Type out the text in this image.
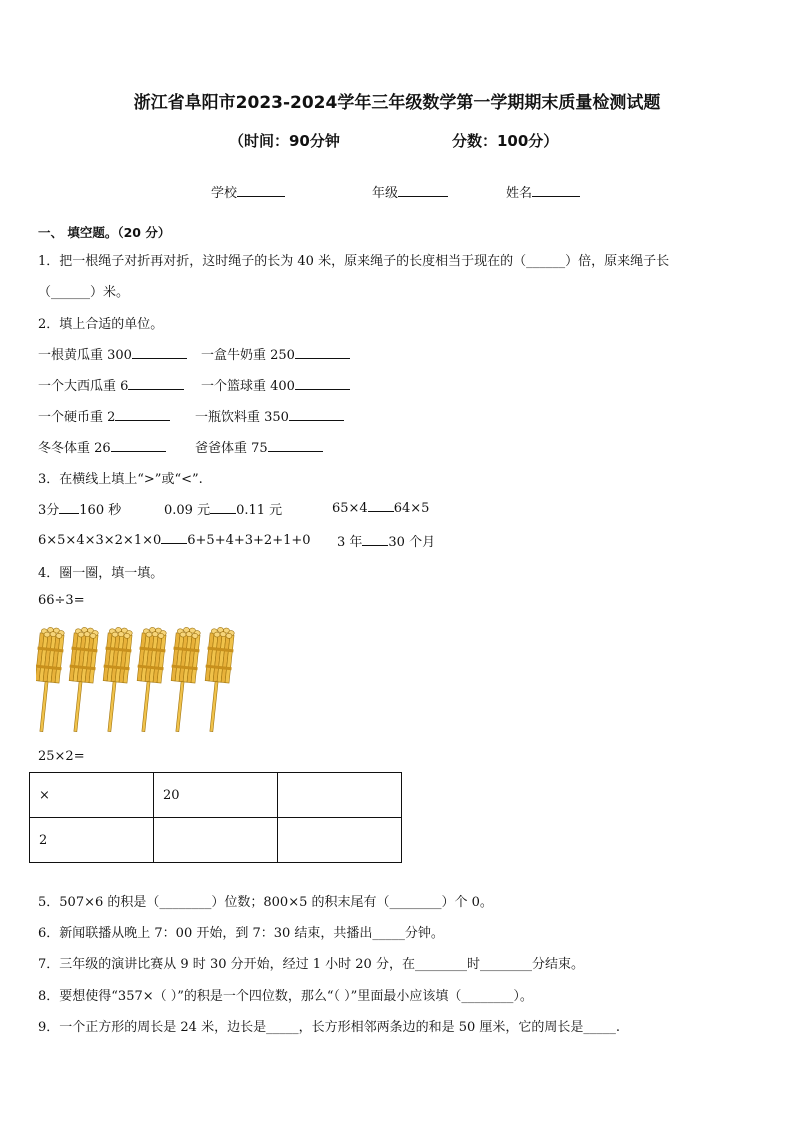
浙江省阜阳市2023-2024学年三年级数学第一学期期末质量检测试题
（时间：90分钟	分数：100分）
学校	年级	姓名
一、 填空题。（20 分）
1．把一根绳子对折再对折，这时绳子的长为 40 米，原来绳子的长度相当于现在的（______）倍，原来绳子长
（______）米。
2．填上合适的单位。
一根黄瓜重 300	一盒牛奶重 250
一个大西瓜重 6	一个篮球重 400
一个硬币重 2	一瓶饮料重 350
冬冬体重 26	爸爸体重 75
3．在横线上填上“>”或“<”.
3分 160 秒	0.09 元 0.11 元	65×4 64×5
6×5×4×3×2×1×0 6+5+4+3+2+1+0 3 年 30 个月
4．圈一圈，填一填。
66÷3=
25×2=
×	20	
2		
5．507×6 的积是（________）位数；800×5 的积末尾有（________）个 0。
6．新闻联播从晚上 7：00 开始，到 7：30 结束，共播出_____分钟。
7．三年级的演讲比赛从 9 时 30 分开始，经过 1 小时 20 分，在________时________分结束。
8．要想使得“357×（ ）”的积是一个四位数，那么“（ ）”里面最小应该填（________）。
9．一个正方形的周长是 24 米，边长是_____，长方形相邻两条边的和是 50 厘米，它的周长是_____.
